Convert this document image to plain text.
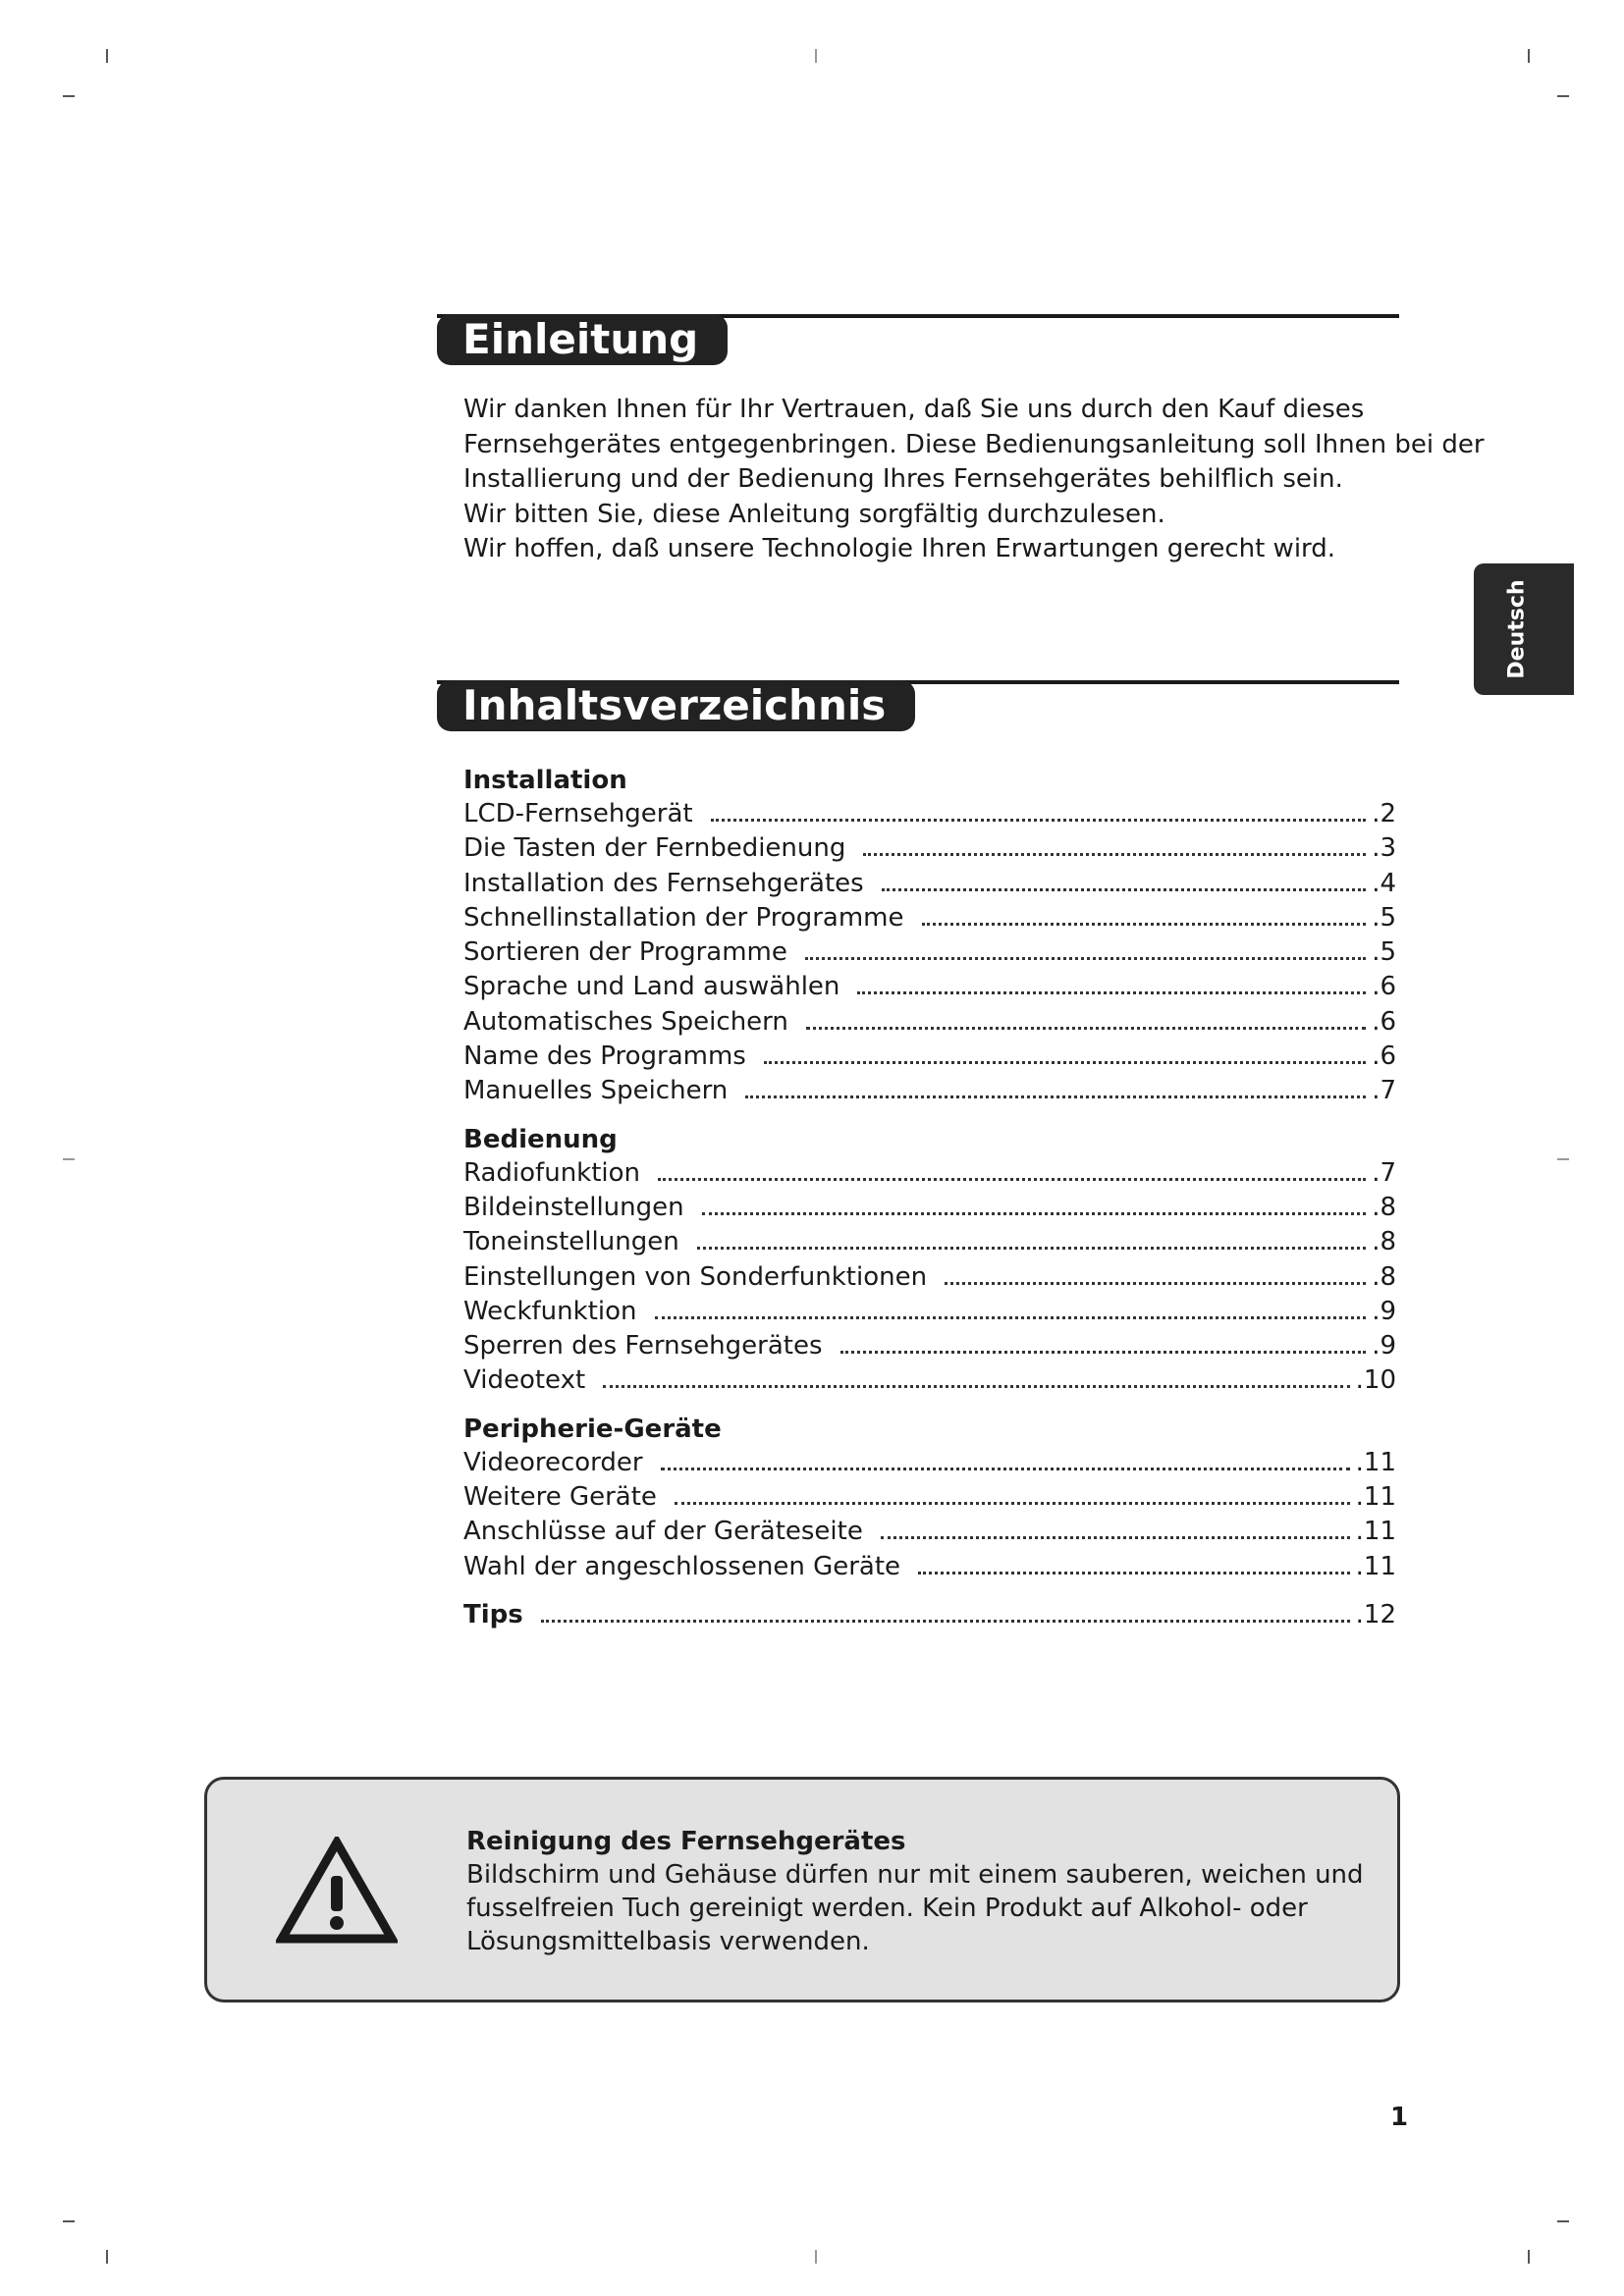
Einleitung

Wir danken Ihnen für Ihr Vertrauen, daß Sie uns durch den Kauf dieses

Fernsehgerätes entgegenbringen. Diese Bedienungsanleitung soll Ihnen bei der

Installierung und der Bedienung Ihres Fernsehgerätes behilflich sein.

Wir bitten Sie, diese Anleitung sorgfältig durchzulesen.

Wir hoffen, daß unsere Technologie Ihren Erwartungen gerecht wird.

Deutsch
Inhaltsverzeichnis
Installation
LCD-Fernsehgerät	.2
Die Tasten der Fernbedienung	.3
Installation des Fernsehgerätes	.4
Schnellinstallation der Programme	.5
Sortieren der Programme	.5
Sprache und Land auswählen	.6
Automatisches Speichern	.6
Name des Programms	.6
Manuelles Speichern	.7
Bedienung
Radiofunktion	.7
Bildeinstellungen	.8
Toneinstellungen	.8
Einstellungen von Sonderfunktionen	.8
Weckfunktion	.9
Sperren des Fernsehgerätes	.9
Videotext	.10
Peripherie-Geräte
Videorecorder	.11
Weitere Geräte	.11
Anschlüsse auf der Geräteseite	.11
Wahl der angeschlossenen Geräte	.11
Tips	.12
Reinigung des Fernsehgerätes

Bildschirm und Gehäuse dürfen nur mit einem sauberen, weichen und

fusselfreien Tuch gereinigt werden. Kein Produkt auf Alkohol- oder

Lösungsmittelbasis verwenden.

1
